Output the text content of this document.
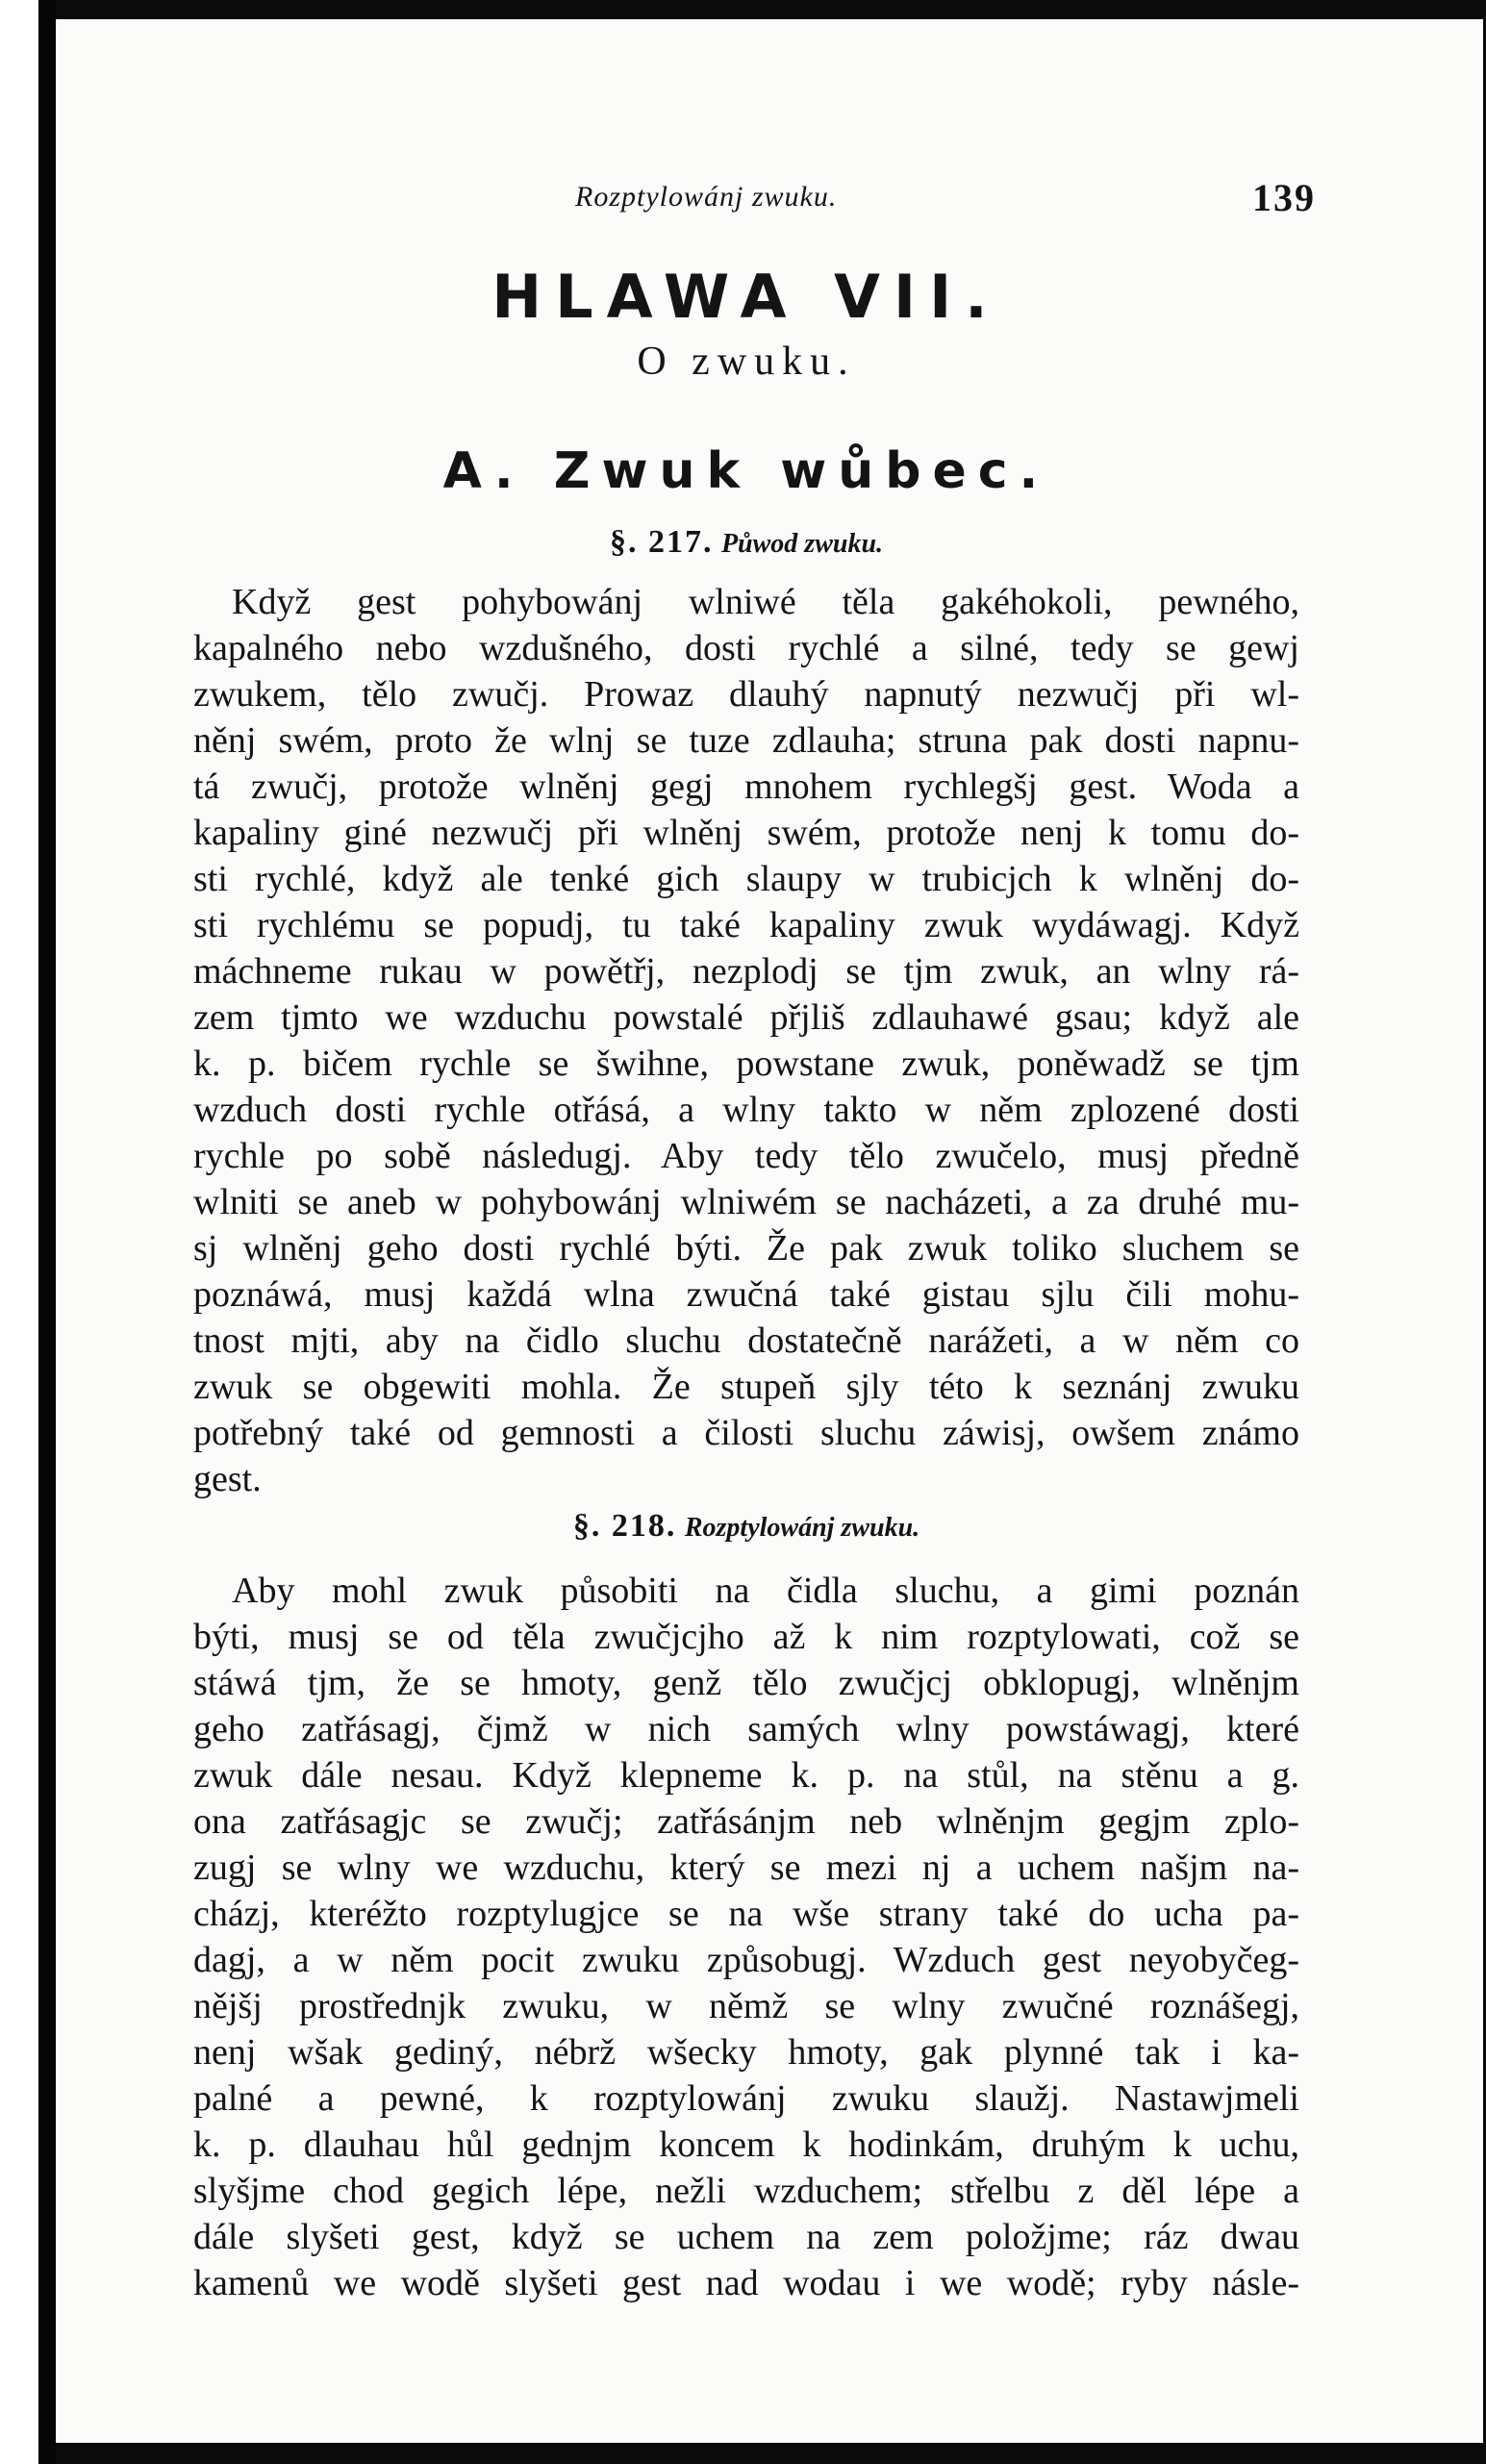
Rozptylowánj zwuku.	139
HLAWA VII.
O zwuku.
A. Zwuk wůbec.
§. 217. Půwod zwuku.
Když gest pohybowánj wlniwé těla gakéhokoli, pewného,
kapalného nebo wzdušného, dosti rychlé a silné, tedy se gewj
zwukem, tělo zwučj. Prowaz dlauhý napnutý nezwučj při wl-
něnj swém, proto že wlnj se tuze zdlauha; struna pak dosti napnu-
tá zwučj, protože wlněnj gegj mnohem rychlegšj gest. Woda a
kapaliny giné nezwučj při wlněnj swém, protože nenj k tomu do-
sti rychlé, když ale tenké gich slaupy w trubicjch k wlněnj do-
sti rychlému se popudj, tu také kapaliny zwuk wydáwagj. Když
máchneme rukau w powětřj, nezplodj se tjm zwuk, an wlny rá-
zem tjmto we wzduchu powstalé přjliš zdlauhawé gsau; když ale
k. p. bičem rychle se šwihne, powstane zwuk, poněwadž se tjm
wzduch dosti rychle otřásá, a wlny takto w něm zplozené dosti
rychle po sobě následugj. Aby tedy tělo zwučelo, musj předně
wlniti se aneb w pohybowánj wlniwém se nacházeti, a za druhé mu-
sj wlněnj geho dosti rychlé býti. Že pak zwuk toliko sluchem se
poznáwá, musj každá wlna zwučná také gistau sjlu čili mohu-
tnost mjti, aby na čidlo sluchu dostatečně narážeti, a w něm co
zwuk se obgewiti mohla. Že stupeň sjly této k seznánj zwuku
potřebný také od gemnosti a čilosti sluchu záwisj, owšem známo
gest.
§. 218. Rozptylowánj zwuku.
Aby mohl zwuk působiti na čidla sluchu, a gimi poznán
býti, musj se od těla zwučjcjho až k nim rozptylowati, což se
stáwá tjm, že se hmoty, genž tělo zwučjcj obklopugj, wlněnjm
geho zatřásagj, čjmž w nich samých wlny powstáwagj, které
zwuk dále nesau. Když klepneme k. p. na stůl, na stěnu a g.
ona zatřásagjc se zwučj; zatřásánjm neb wlněnjm gegjm zplo-
zugj se wlny we wzduchu, který se mezi nj a uchem našjm na-
cházj, kteréžto rozptylugjce se na wše strany také do ucha pa-
dagj, a w něm pocit zwuku způsobugj. Wzduch gest neyobyčeg-
nějšj prostřednjk zwuku, w němž se wlny zwučné roznášegj,
nenj wšak gediný, nébrž wšecky hmoty, gak plynné tak i ka-
palné a pewné, k rozptylowánj zwuku slaužj. Nastawjmeli
k. p. dlauhau hůl gednjm koncem k hodinkám, druhým k uchu,
slyšjme chod gegich lépe, nežli wzduchem; střelbu z děl lépe a
dále slyšeti gest, když se uchem na zem položjme; ráz dwau
kamenů we wodě slyšeti gest nad wodau i we wodě; ryby násle-
